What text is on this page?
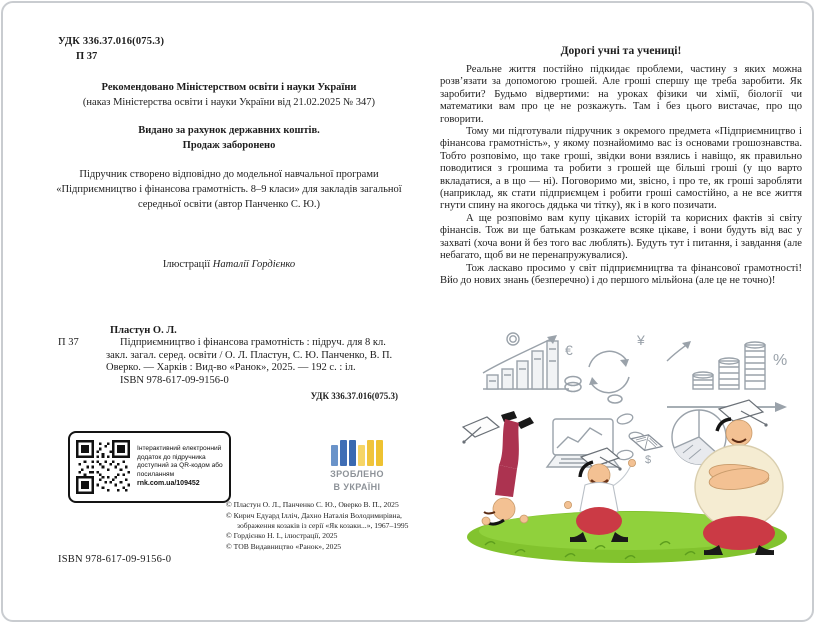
УДК 336.37.016(075.3)
П 37
Рекомендовано Міністерством освіти і науки України
(наказ Міністерства освіти і науки України від 21.02.2025 № 347)
Видано за рахунок державних коштів.
Продаж заборонено
Підручник створено відповідно до модельної навчальної програми «Підприємництво і фінансова грамотність. 8–9 класи» для закладів загальної середньої освіти (автор Панченко С. Ю.)
Ілюстрації Наталії Гордієнко
Пластун О. Л.
П 37	Підприємництво і фінансова грамотність : підруч. для 8 кл. закл. загал. серед. освіти / О. Л. Пластун, С. Ю. Панченко, В. П. Оверко. — Харків : Вид-во «Ранок», 2025. — 192 с. : іл.
ISBN 978-617-09-9156-0
УДК 336.37.016(075.3)
Інтерактивний електронний додаток до підручника доступний за QR-кодом або посиланням
rnk.com.ua/109452
ЗРОБЛЕНО
В УКРАЇНІ
© Пластун О. Л., Панченко С. Ю., Оверко В. П., 2025
© Кирич Едуард Ілліч, Дахно Наталія Володимирівна, зображення козаків із серії «Як козаки...», 1967–1995
© Гордієнко Н. І., ілюстрації, 2025
© ТОВ Видавництво «Ранок», 2025
ISBN 978-617-09-9156-0
Дорогі учні та учениці!

Реальне життя постійно підкидає проблеми, частину з яких можна розв’язати за допомогою грошей. Але гроші спершу ще треба заробити. Як заробити? Будьмо відвертими: на уроках фізики чи хімії, біології чи математики вам про це не розкажуть. Там і без цього вистачає, про що говорити.

Тому ми підготували підручник з окремого предмета «Підприємництво і фінансова грамотність», у якому познайомимо вас із основами грошознавства. Тобто розповімо, що таке гроші, звідки вони взялись і навіщо, як правильно поводитися з грошима та робити з грошей ще більші гроші (у що варто вкладатися, а в що — ні). Поговоримо ми, звісно, і про те, як гроші заробляти (наприклад, як стати підприємцем і робити гроші самостійно, а не все життя гнути спину на якогось дядька чи тітку), як і в кого позичати.

А ще розповімо вам купу цікавих історій та корисних фактів зі світу фінансів. Тож ви ще батькам розкажете всяке цікаве, і вони будуть від вас у захваті (хоча вони й без того вас люблять). Будуть тут і питання, і завдання (але небагато, щоб ви не перенапружувалися).

Тож ласкаво просимо у світ підприємництва та фінансової грамотності! Вйо до нових знань (безперечно) і до першого мільйона (але це не точно)!

€
¥
%
$
